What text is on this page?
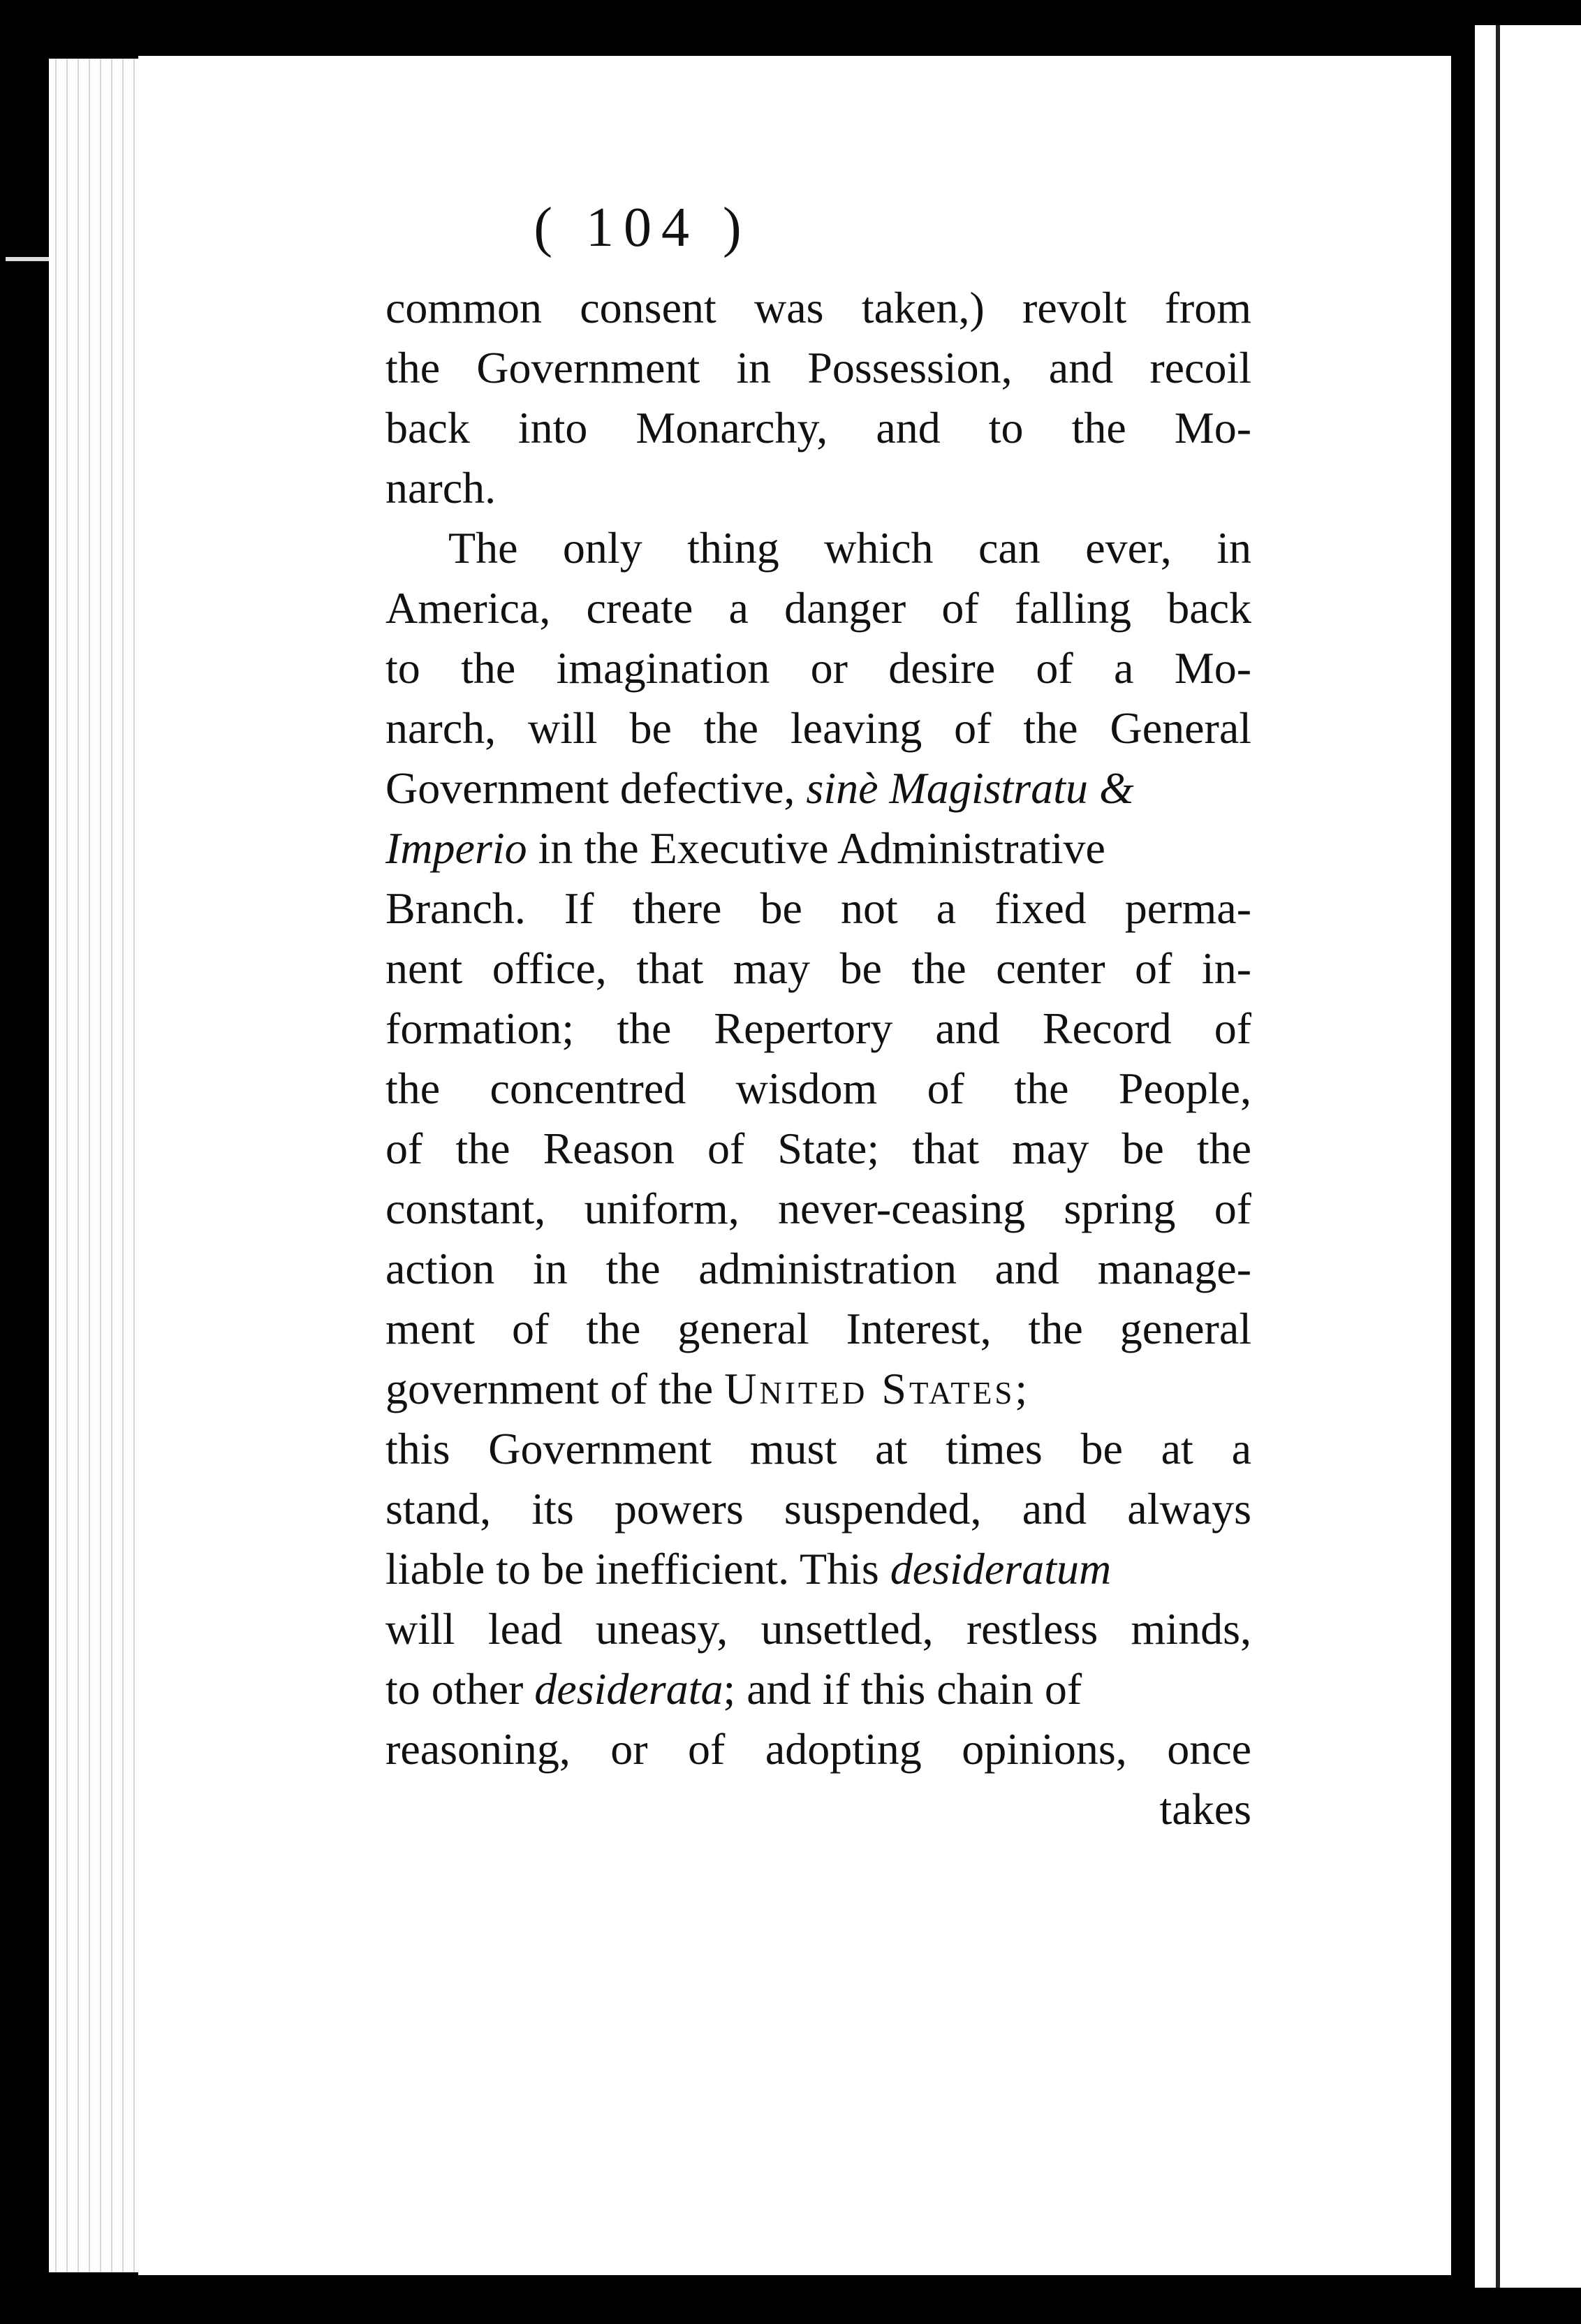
( 104 )
common consent was taken,) revolt from
the Government in Possession, and recoil
back into Monarchy, and to the Mo-
narch.
The only thing which can ever, in
America, create a danger of falling back
to the imagination or desire of a Mo-
narch, will be the leaving of the General
Government defective, sinè Magistratu &
Imperio in the Executive Administrative
Branch. If there be not a fixed perma-
nent office, that may be the center of in-
formation; the Repertory and Record of
the concentred wisdom of the People,
of the Reason of State; that may be the
constant, uniform, never-ceasing spring of
action in the administration and manage-
ment of the general Interest, the general
government of the United States;
this Government must at times be at a
stand, its powers suspended, and always
liable to be inefficient. This desideratum
will lead uneasy, unsettled, restless minds,
to other desiderata; and if this chain of
reasoning, or of adopting opinions, once
takes
